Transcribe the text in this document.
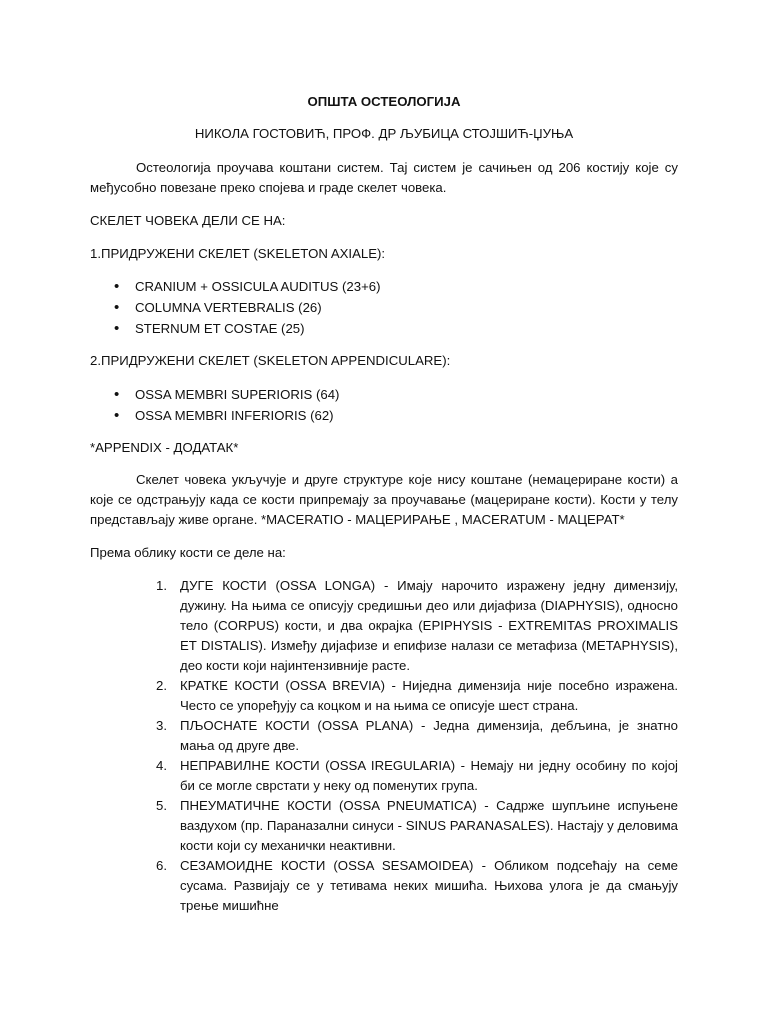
ОПШТА ОСТЕОЛОГИЈА
НИКОЛА ГОСТОВИЋ, ПРОФ. ДР ЉУБИЦА СТОЈШИЋ-ЏУЊА
Остеологија проучава коштани систем. Тај систем је сачињен од 206 костију које су међусобно повезане преко спојева и граде скелет човека.
СКЕЛЕТ ЧОВЕКА ДЕЛИ СЕ НА:
1.ПРИДРУЖЕНИ СКЕЛЕТ (SKELETON AXIALE):
• CRANIUM + OSSICULA AUDITUS (23+6)
• COLUMNA VERTEBRALIS (26)
• STERNUM ET COSTAE (25)
2.ПРИДРУЖЕНИ СКЕЛЕТ (SKELETON APPENDICULARE):
• OSSA MEMBRI SUPERIORIS (64)
• OSSA MEMBRI INFERIORIS (62)
*APPENDIX - ДОДАТАК*
Скелет човека укључује и друге структуре које нису коштане (немацериране кости) а које се одстрањују када се кости припремају за проучавање (мацериране кости). Кости у телу представљају живе органе. *MACERATIO - МАЦЕРИРАЊЕ , MACERATUM - МАЦЕРАТ*
Према облику кости се деле на:
1. ДУГЕ КОСТИ (OSSA LONGA) - Имају нарочито изражену једну димензију, дужину. На њима се описују средишњи део или дијафиза (DIAPHYSIS), односно тело (CORPUS) кости, и два окрајка (EPIPHYSIS - EXTREMITAS PROXIMALIS ET DISTALIS). Између дијафизе и епифизе налази се метафиза (METAPHYSIS), део кости који најинтензивније расте.
2. КРАТКЕ КОСТИ (OSSA BREVIA) - Ниједна димензија није посебно изражена. Често се упоређују са коцком и на њима се описује шест страна.
3. ПЉОСНАТЕ КОСТИ (OSSA PLANA) - Једна димензија, дебљина, је знатно мања од друге две.
4. НЕПРАВИЛНЕ КОСТИ (OSSA IREGULARIA) - Немају ни једну особину по којој би се могле сврстати у неку од поменутих група.
5. ПНЕУМАТИЧНЕ КОСТИ (OSSA PNEUMATICA) - Садрже шупљине испуњене ваздухом (пр. Параназални синуси - SINUS PARANASALES). Настају у деловима кости који су механички неактивни.
6. СЕЗАМОИДНЕ КОСТИ (OSSA SESAMOIDEA) - Обликом подсећају на семе сусама. Развијају се у тетивама неких мишића. Њихова улога је да смањују трење мишићне
